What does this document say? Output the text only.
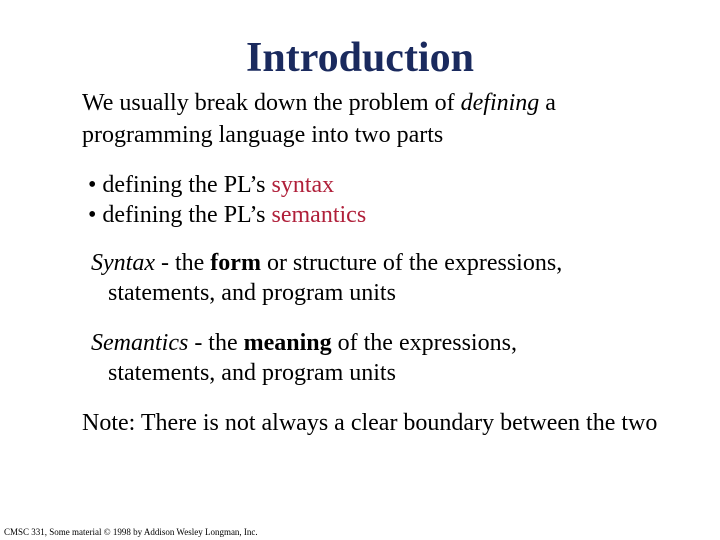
Introduction

We usually break down the problem of defining a programming language into two parts

• defining the PL’s syntax
• defining the PL’s semantics

Syntax - the form or structure of the expressions,
statements, and program units

Semantics - the meaning of the expressions,
statements, and program units

Note: There is not always a clear boundary between the two

CMSC 331, Some material © 1998 by Addison Wesley Longman, Inc.
